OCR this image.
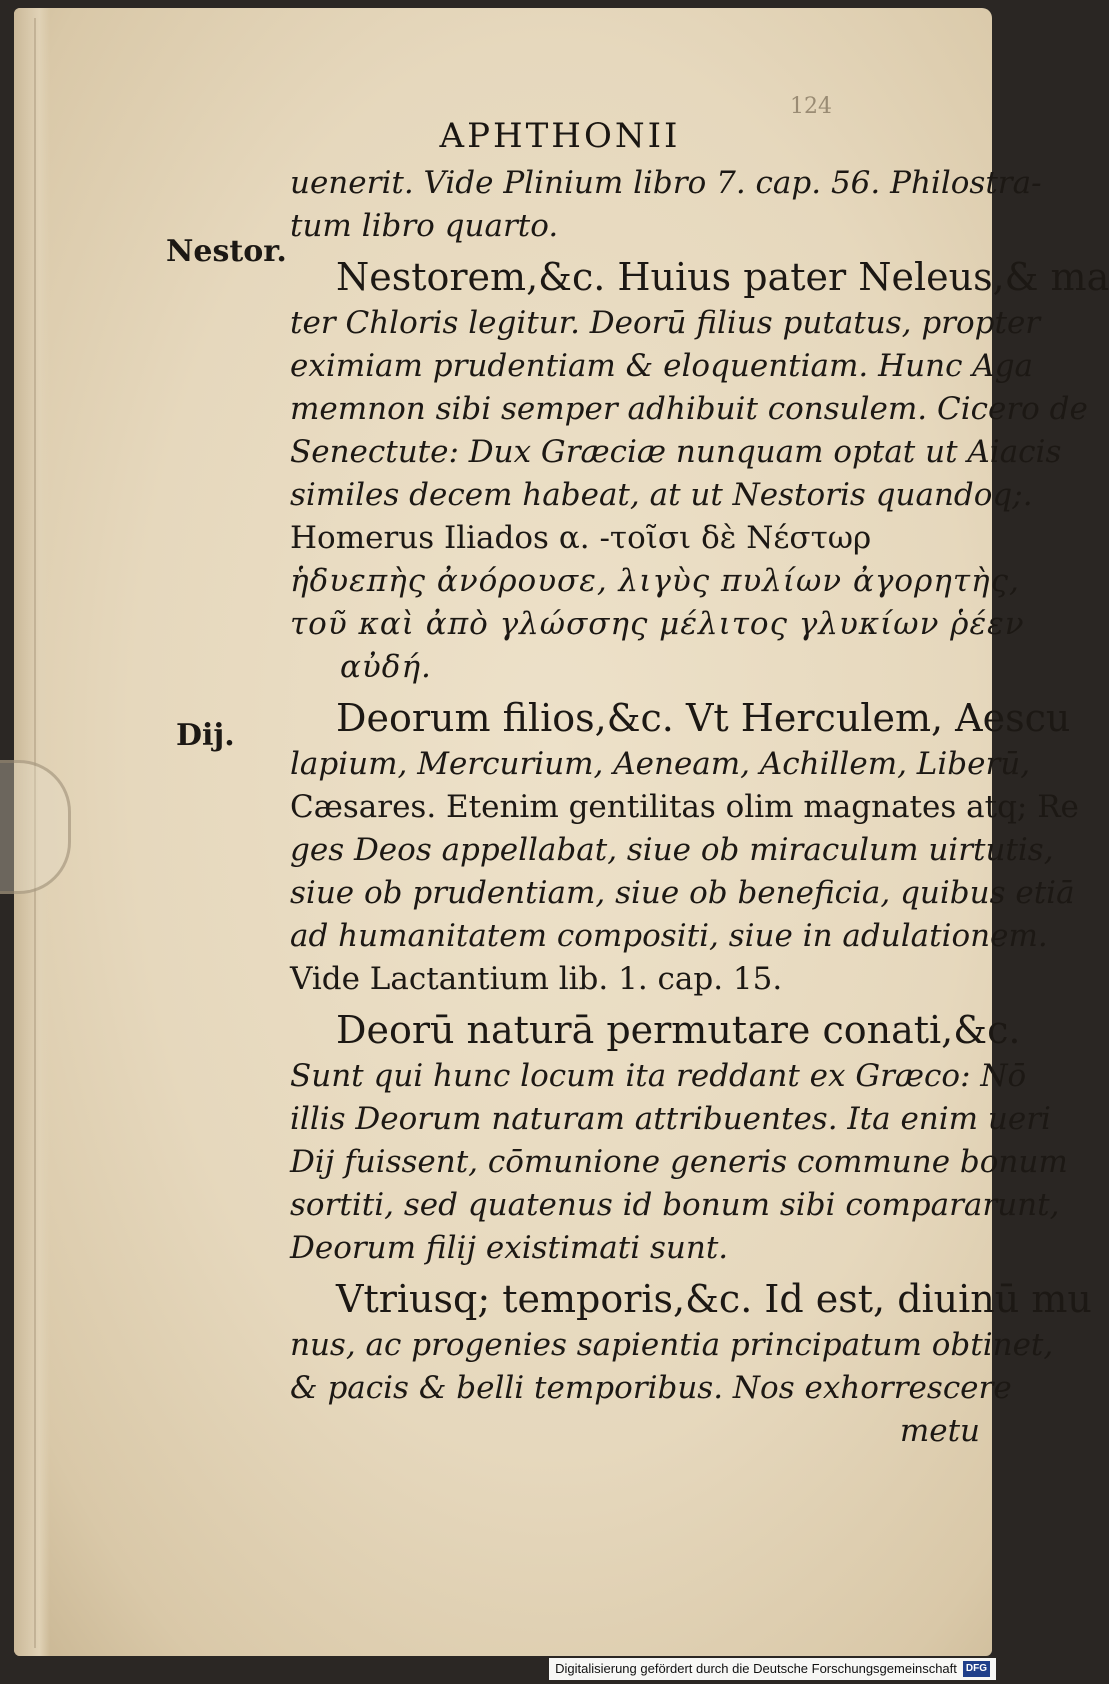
124
APHTHONII
Nestor.
Dij.
uenerit. Vide Plinium libro 7. cap. 56. Philostra-
tum libro quarto.
Nestorem,&c. Huius pater Neleus,& ma
ter Chloris legitur. Deorū filius putatus, propter
eximiam prudentiam & eloquentiam. Hunc Aga
memnon sibi semper adhibuit consulem. Cicero de
Senectute: Dux Græciæ nunquam optat ut Aiacis
similes decem habeat, at ut Nestoris quandoq;.
Homerus Iliados α. -τοῖσι δὲ Νέστωρ
ἡδυεπὴς ἀνόρουσε, λιγὺς πυλίων ἀγορητὴς,
τοῦ καὶ ἀπὸ γλώσσης μέλιτος γλυκίων ῥέεν
αὐδή.
Deorum filios,&c. Vt Herculem, Aescu
lapium, Mercurium, Aeneam, Achillem, Liberū,
Cæsares. Etenim gentilitas olim magnates atq; Re
ges Deos appellabat, siue ob miraculum uirtutis,
siue ob prudentiam, siue ob beneficia, quibus etiā
ad humanitatem compositi, siue in adulationem.
Vide Lactantium lib. 1. cap. 15.
Deorū naturā permutare conati,&c.
Sunt qui hunc locum ita reddant ex Græco: Nō
illis Deorum naturam attribuentes. Ita enim ueri
Dij fuissent, cōmunione generis commune bonum
sortiti, sed quatenus id bonum sibi compararunt,
Deorum filij existimati sunt.
Vtriusq; temporis,&c. Id est, diuinū mu
nus, ac progenies sapientia principatum obtinet,
& pacis & belli temporibus. Nos exhorrescere
metu
Digitalisierung gefördert durch die Deutsche Forschungsgemeinschaft DFG
